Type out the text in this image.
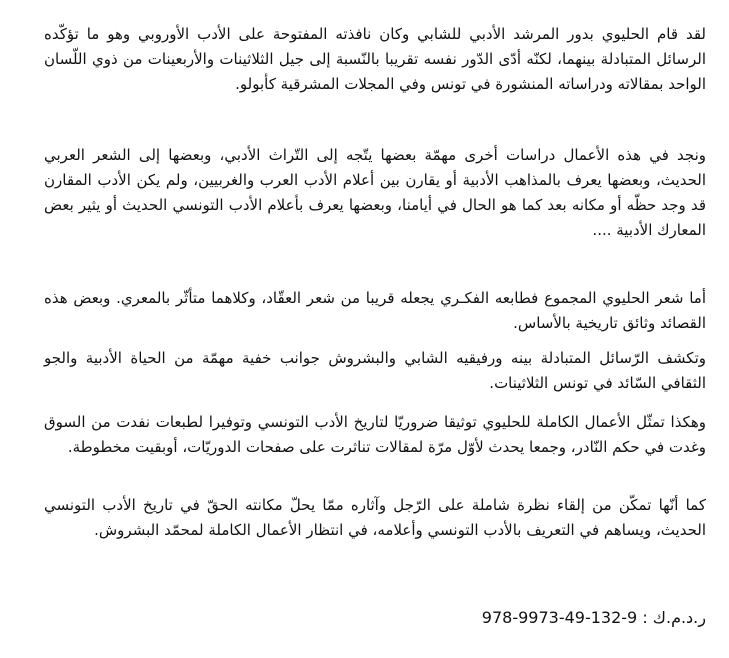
لقد قام الحليوي بدور المرشد الأدبي للشابي وكان نافذته المفتوحة على الأدب الأوروبي وهو ما تؤكّده الرسائل المتبادلة بينهما، لكنّه أدّى الدّور نفسه تقريبا بالنّسبة إلى جيل الثلاثينات والأربعينات من ذوي اللّسان الواحد بمقالاته ودراساته المنشورة في تونس وفي المجلات المشرقية كأبولو.

ونجد في هذه الأعمال دراسات أخرى مهمّة بعضها يتّجه إلى التّراث الأدبي، وبعضها إلى الشعر العربي الحديث، وبعضها يعرف بالمذاهب الأدبية أو يقارن بين أعلام الأدب العرب والغربيين، ولم يكن الأدب المقارن قد وجد حظّه أو مكانه بعد كما هو الحال في أيامنا، وبعضها يعرف بأعلام الأدب التونسي الحديث أو يثير بعض المعارك الأدبية ....

أما شعر الحليوي المجموع فطابعه الفكـري يجعله قريبا من شعر العقّاد، وكلاهما متأثّر بالمعري. وبعض هذه القصائد وثائق تاريخية بالأساس.

وتكشف الرّسائل المتبادلة بينه ورفيقيه الشابي والبشروش جوانب خفية مهمّة من الحياة الأدبية والجو الثقافي السّائد في تونس الثلاثينات.

وهكذا تمثّل الأعمال الكاملة للحليوي توثيقا ضروريّا لتاريخ الأدب التونسي وتوفيرا لطبعات نفدت من السوق وغدت في حكم النّادر، وجمعا يحدث لأوّل مرّة لمقالات تناثرت على صفحات الدوريّات، أوبقيت مخطوطة.

كما أنّها تمكّن من إلقاء نظرة شاملة على الرّجل وآثاره ممّا يحلّ مكانته الحقّ في تاريخ الأدب التونسي الحديث، ويساهم في التعريف بالأدب التونسي وأعلامه، في انتظار الأعمال الكاملة لمحمّد البشروش.

ر.د.م.ك : 978-9973-49-132-9
